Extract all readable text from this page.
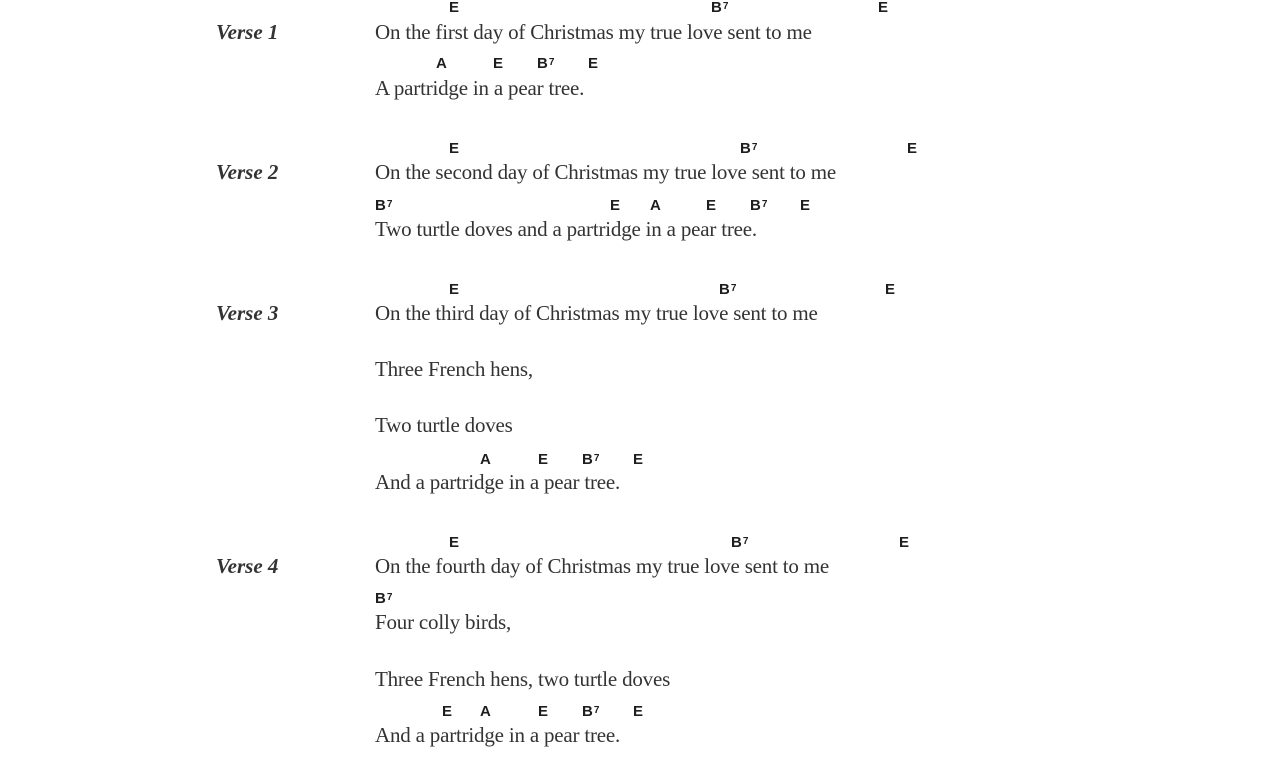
Verse 1
E	$B^7$	E
On the first day of Christmas my true love sent to me
A	E $B^7$ E
A partridge in a pear tree.
Verse 2
E	$B^7$	E
On the second day of Christmas my true love sent to me
$B^7$	E A	E $B^7$ E
Two turtle doves and a partridge in a pear tree.
Verse 3
E	$B^7$	E
On the third day of Christmas my true love sent to me
Three French hens,
Two turtle doves
A	E $B^7$ E
And a partridge in a pear tree.
Verse 4
E	$B^7$	E
On the fourth day of Christmas my true love sent to me
$B^7$
Four colly birds,
Three French hens, two turtle doves
E A	E $B^7$ E
And a partridge in a pear tree.
